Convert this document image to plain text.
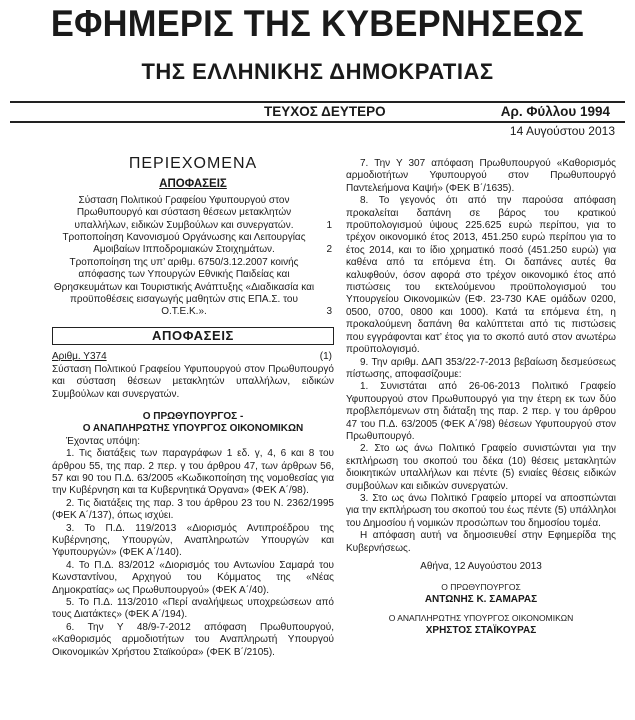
ΕΦΗΜΕΡΙΣ ΤΗΣ ΚΥΒΕΡΝΗΣΕΩΣ
ΤΗΣ ΕΛΛΗΝΙΚΗΣ ΔΗΜΟΚΡΑΤΙΑΣ
ΤΕΥΧΟΣ ΔΕΥΤΕΡΟ	Αρ. Φύλλου 1994
14 Αυγούστου 2013
ΠΕΡΙΕΧΟΜΕΝΑ
ΑΠΟΦΑΣΕΙΣ
Σύσταση Πολιτικού Γραφείου Υφυπουργού στον Πρωθυπουργό και σύσταση θέσεων μετακλητών υπαλλήλων, ειδικών Συμβούλων και συνεργατών.	1
Τροποποίηση Κανονισμού Οργάνωσης και Λειτουργίας Αμοιβαίων Ιπποδρομιακών Στοιχημάτων.	2
Τροποποίηση της υπ’ αριθμ. 6750/3.12.2007 κοινής απόφασης των Υπουργών Εθνικής Παιδείας και Θρησκευμάτων και Τουριστικής Ανάπτυξης «Διαδικασία και προϋποθέσεις εισαγωγής μαθητών στις ΕΠΑ.Σ. του Ο.Τ.Ε.Κ.».	3
ΑΠΟΦΑΣΕΙΣ
Αριθμ. Υ374	(1)

Σύσταση Πολιτικού Γραφείου Υφυπουργού στον Πρωθυπουργό και σύσταση θέσεων μετακλητών υπαλλήλων, ειδικών Συμβούλων και συνεργατών.

Ο ΠΡΩΘΥΠΟΥΡΓΟΣ -
Ο ΑΝΑΠΛΗΡΩΤΗΣ ΥΠΟΥΡΓΟΣ ΟΙΚΟΝΟΜΙΚΩΝ

Έχοντας υπόψη:

1. Τις διατάξεις των παραγράφων 1 εδ. γ, 4, 6 και 8 του άρθρου 55, της παρ. 2 περ. γ του άρθρου 47, των άρθρων 56, 57 και 90 του Π.Δ. 63/2005 «Κωδικοποίηση της νομοθεσίας για την Κυβέρνηση και τα Κυβερνητικά Όργανα» (ΦΕΚ Α΄/98).

2. Τις διατάξεις της παρ. 3 του άρθρου 23 του Ν. 2362/1995 (ΦΕΚ Α΄/137), όπως ισχύει.

3. Το Π.Δ. 119/2013 «Διορισμός Αντιπροέδρου της Κυβέρνησης, Υπουργών, Αναπληρωτών Υπουργών και Υφυπουργών» (ΦΕΚ Α΄/140).

4. Το Π.Δ. 83/2012 «Διορισμός του Αντωνίου Σαμαρά του Κωνσταντίνου, Αρχηγού του Κόμματος της «Νέας Δημοκρατίας» ως Πρωθυπουργού» (ΦΕΚ Α΄/40).

5. Το Π.Δ. 113/2010 «Περί αναλήψεως υποχρεώσεων από τους Διατάκτες» (ΦΕΚ Α΄/194).

6. Την Υ 48/9-7-2012 απόφαση Πρωθυπουργού, «Καθορισμός αρμοδιοτήτων του Αναπληρωτή Υπουργού Οικονομικών Χρήστου Σταϊκούρα» (ΦΕΚ Β΄/2105).

7. Την Υ 307 απόφαση Πρωθυπουργού «Καθορισμός αρμοδιοτήτων Υφυπουργού στον Πρωθυπουργό Παντελεήμονα Καψή» (ΦΕΚ Β΄/1635).

8. Το γεγονός ότι από την παρούσα απόφαση προκαλείται δαπάνη σε βάρος του κρατικού προϋπολογισμού ύψους 225.625 ευρώ περίπου, για το τρέχον οικονομικό έτος 2013, 451.250 ευρώ περίπου για το έτος 2014, και το ίδιο χρηματικό ποσό (451.250 ευρώ) για καθένα από τα επόμενα έτη. Οι δαπάνες αυτές θα καλυφθούν, όσον αφορά στο τρέχον οικονομικό έτος από πιστώσεις του εκτελούμενου προϋπολογισμού του Υπουργείου Οικονομικών (ΕΦ. 23-730 ΚΑΕ ομάδων 0200, 0500, 0700, 0800 και 1000). Κατά τα επόμενα έτη, η προκαλούμενη δαπάνη θα καλύπτεται από τις πιστώσεις που εγγράφονται κατ’ έτος για το σκοπό αυτό στον ανωτέρω προϋπολογισμό.

9. Την αριθμ. ΔΑΠ 353/22-7-2013 βεβαίωση δεσμεύσεως πίστωσης, αποφασίζουμε:

1. Συνιστάται από 26-06-2013 Πολιτικό Γραφείο Υφυπουργού στον Πρωθυπουργό για την έτερη εκ των δύο προβλεπόμενων στη διάταξη της παρ. 2 περ. γ του άρθρου 47 του Π.Δ. 63/2005 (ΦΕΚ Α΄/98) θέσεων Υφυπουργού στον Πρωθυπουργό.

2. Στο ως άνω Πολιτικό Γραφείο συνιστώνται για την εκπλήρωση του σκοπού του δέκα (10) θέσεις μετακλητών διοικητικών υπαλλήλων και πέντε (5) ενιαίες θέσεις ειδικών συμβούλων και ειδικών συνεργατών.

3. Στο ως άνω Πολιτικό Γραφείο μπορεί να αποσπώνται για την εκπλήρωση του σκοπού του έως πέντε (5) υπάλληλοι του Δημοσίου ή νομικών προσώπων του δημοσίου τομέα.

Η απόφαση αυτή να δημοσιευθεί στην Εφημερίδα της Κυβερνήσεως.

Αθήνα, 12 Αυγούστου 2013
Ο ΠΡΩΘΥΠΟΥΡΓΟΣ
ΑΝΤΩΝΗΣ Κ. ΣΑΜΑΡΑΣ
Ο ΑΝΑΠΛΗΡΩΤΗΣ ΥΠΟΥΡΓΟΣ ΟΙΚΟΝΟΜΙΚΩΝ
ΧΡΗΣΤΟΣ ΣΤΑΪΚΟΥΡΑΣ
